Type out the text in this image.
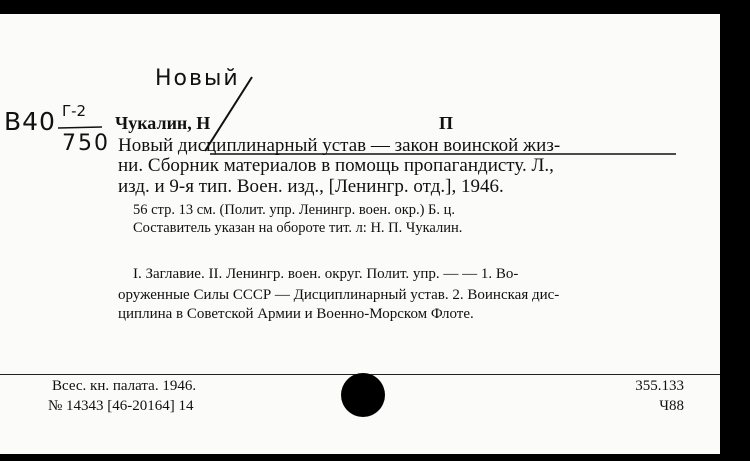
Новый
В40 Г-2
750
Чукалин, Н	П
Новый дисциплинарный устав — закон воинской жиз-
ни. Сборник материалов в помощь пропагандисту. Л.,
изд. и 9-я тип. Воен. изд., [Ленингр. отд.], 1946.
56 стр. 13 см. (Полит. упр. Ленингр. воен. окр.) Б. ц.
Составитель указан на обороте тит. л: Н. П. Чукалин.
I. Заглавие. II. Ленингр. воен. округ. Полит. упр. — — 1. Во-
оруженные Силы СССР — Дисциплинарный устав. 2. Воинская дис-
циплина в Советской Армии и Военно-Морском Флоте.
Всес. кн. палата. 1946.
№ 14343 [46-20164] 14
355.133
Ч88
